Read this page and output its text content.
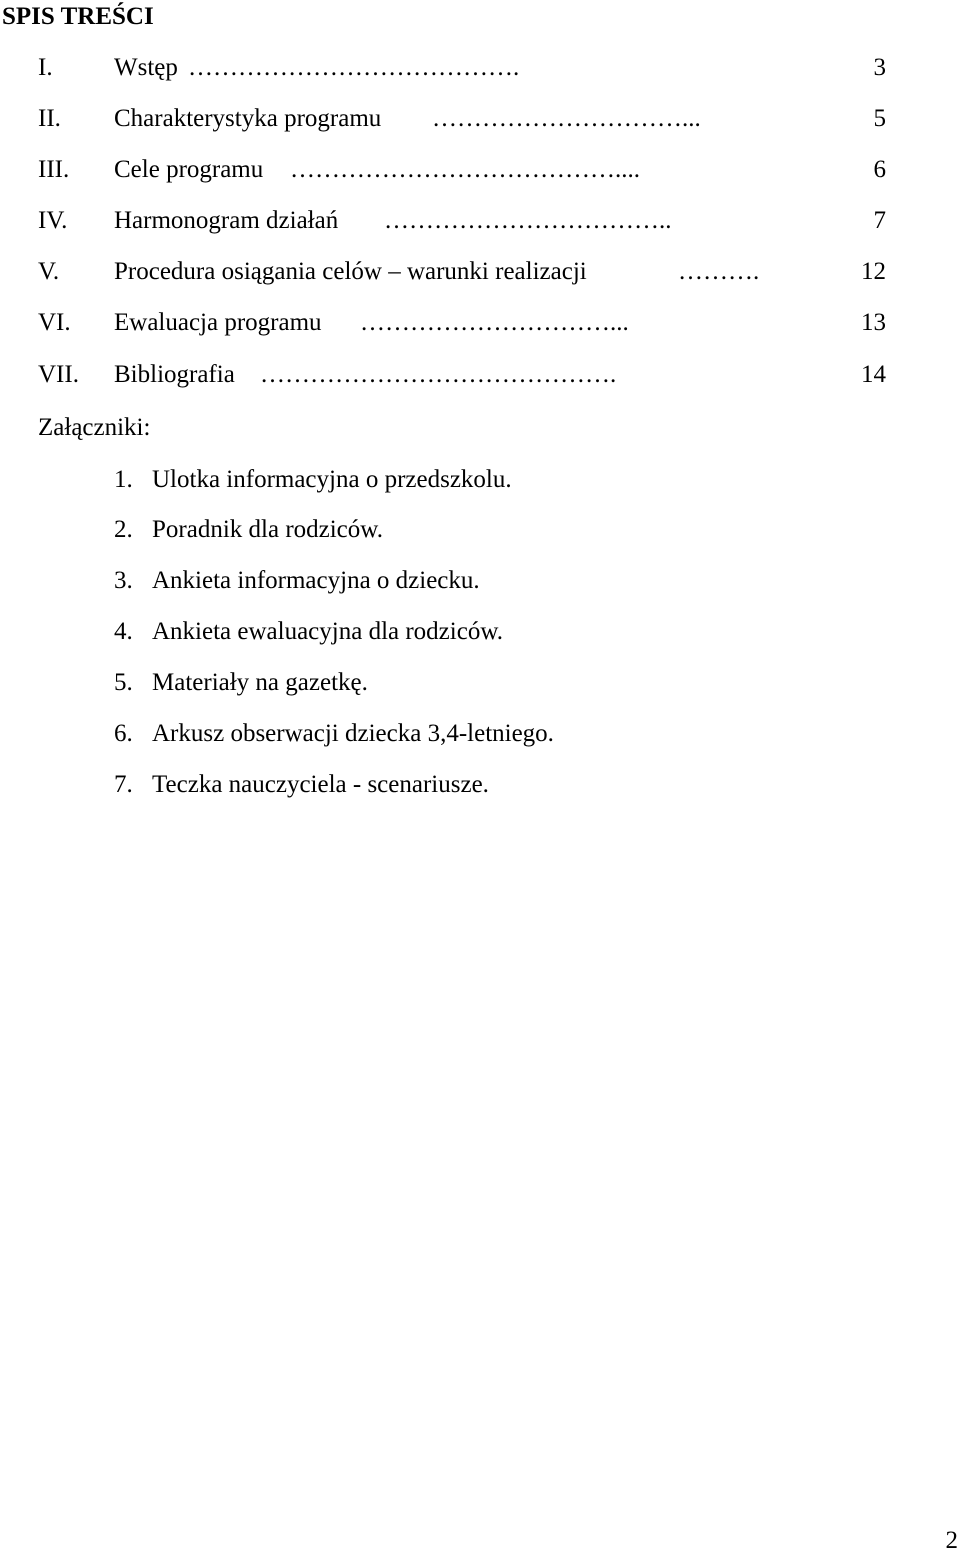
SPIS TREŚCI
I. Wstęp ………………………………….	3
II. Charakterystyka programu …………………………...	5
III. Cele programu …………………………………....	6
IV. Harmonogram działań ……………………………..	7
V. Procedura osiągania celów – warunki realizacji	……….	12
VI. Ewaluacja programu …………………………...	13
VII. Bibliografia …………………………………….	14
Załączniki:
1. Ulotka informacyjna o przedszkolu.
2. Poradnik dla rodziców.
3. Ankieta informacyjna o dziecku.
4. Ankieta ewaluacyjna dla rodziców.
5. Materiały na gazetkę.
6. Arkusz obserwacji dziecka 3,4-letniego.
7. Teczka nauczyciela - scenariusze.
2
